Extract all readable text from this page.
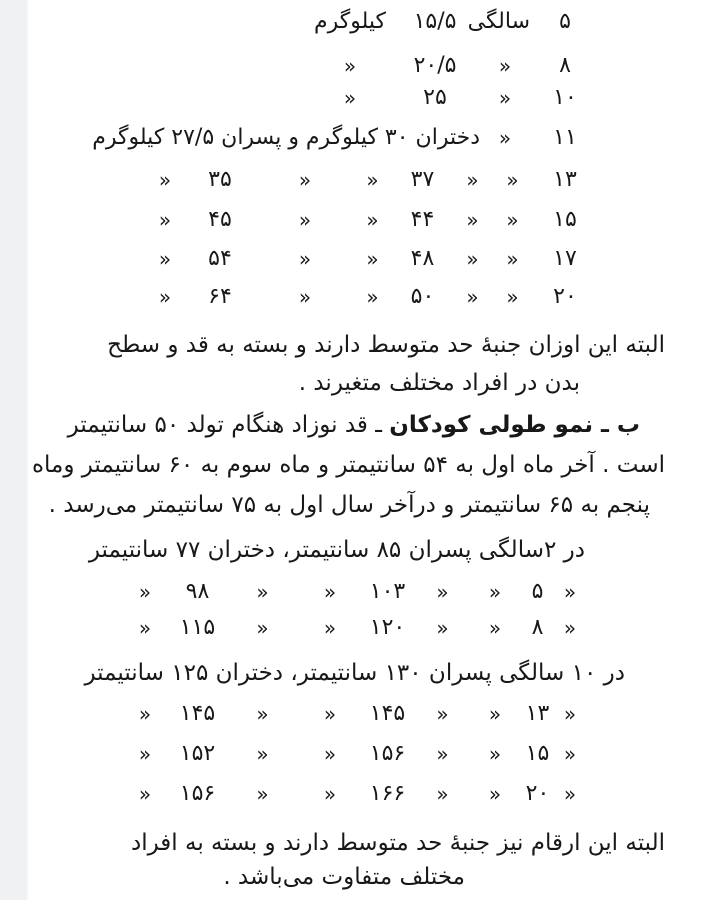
۵
سالگی
۱۵/۵
کیلوگرم
۸
«
۲۰/۵
«
۱۰
«
۲۵
«
۱۱
«
دختران ۳۰ کیلوگرم و پسران ۲۷/۵ کیلوگرم
۱۳
«
«
۳۷
«
«
۳۵
«
۱۵
«
«
۴۴
«
«
۴۵
«
۱۷
«
«
۴۸
«
«
۵۴
«
۲۰
«
«
۵۰
«
«
۶۴
«
البته این اوزان جنبهٔ حد متوسط دارند و بسته به قد و سطح
بدن در افراد مختلف متغیرند .
ب ـ نمو طولی کودکان ـ قد نوزاد هنگام تولد ۵۰ سانتیمتر
است . آخر ماه اول به ۵۴ سانتیمتر و ماه سوم به ۶۰ سانتیمتر وماه
پنجم به ۶۵ سانتیمتر و درآخر سال اول به ۷۵ سانتیمتر می‌رسد .
در ۲سالگی پسران ۸۵ سانتیمتر، دختران ۷۷ سانتیمتر
«
۵
«
«
۱۰۳
«
«
۹۸
«
«
۸
«
«
۱۲۰
«
«
۱۱۵
«
در ۱۰ سالگی پسران ۱۳۰ سانتیمتر، دختران ۱۲۵ سانتیمتر
«
۱۳
«
«
۱۴۵
«
«
۱۴۵
«
«
۱۵
«
«
۱۵۶
«
«
۱۵۲
«
«
۲۰
«
«
۱۶۶
«
«
۱۵۶
«
البته این ارقام نیز جنبهٔ حد متوسط دارند و بسته به افراد
مختلف متفاوت می‌باشد .
